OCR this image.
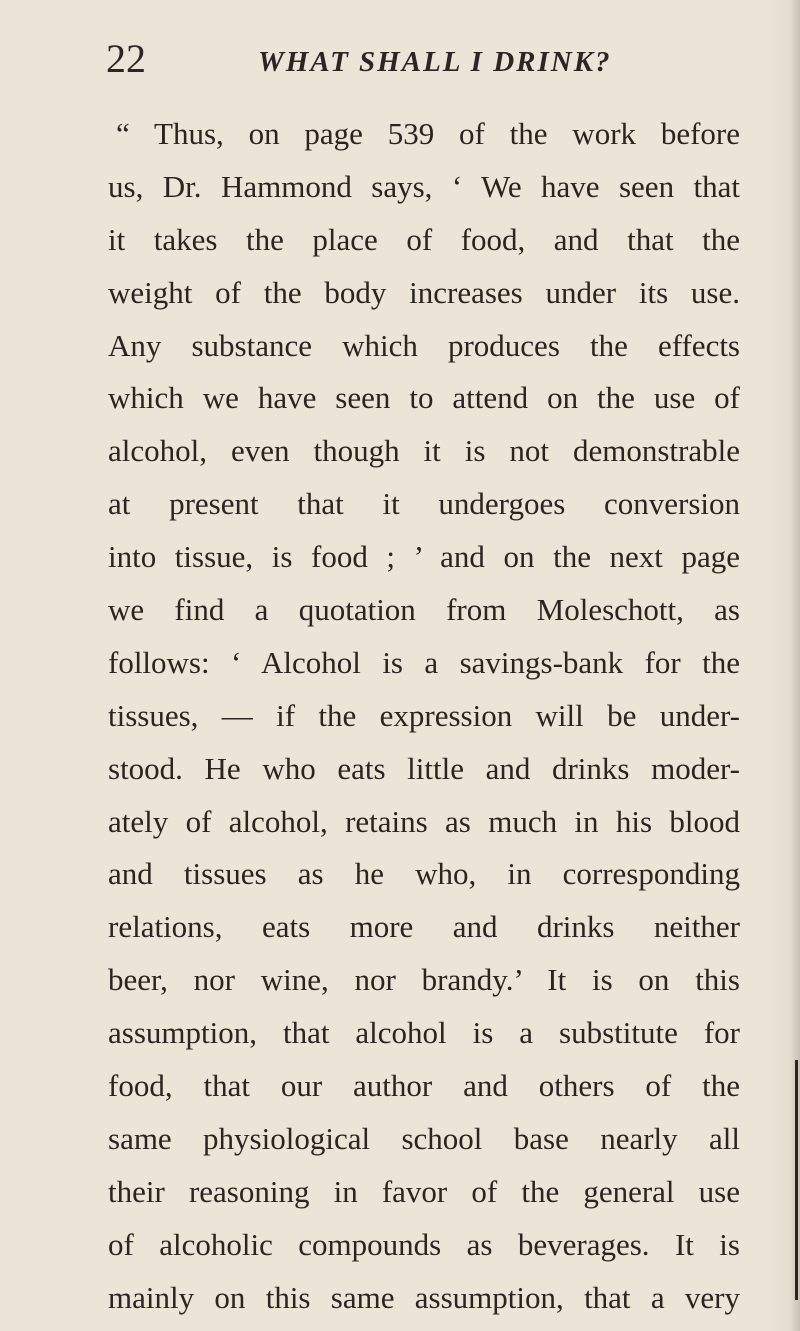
22	WHAT SHALL I DRINK?
“ Thus, on page 539 of the work before
us, Dr. Hammond says, ‘ We have seen that
it takes the place of food, and that the
weight of the body increases under its use.
Any substance which produces the effects
which we have seen to attend on the use of
alcohol, even though it is not demonstrable
at present that it undergoes conversion
into tissue, is food ; ’ and on the next page
we find a quotation from Moleschott, as
follows: ‘ Alcohol is a savings-bank for the
tissues, — if the expression will be under-
stood. He who eats little and drinks moder-
ately of alcohol, retains as much in his blood
and tissues as he who, in corresponding
relations, eats more and drinks neither
beer, nor wine, nor brandy.’ It is on this
assumption, that alcohol is a substitute for
food, that our author and others of the
same physiological school base nearly all
their reasoning in favor of the general use
of alcoholic compounds as beverages. It is
mainly on this same assumption, that a very
